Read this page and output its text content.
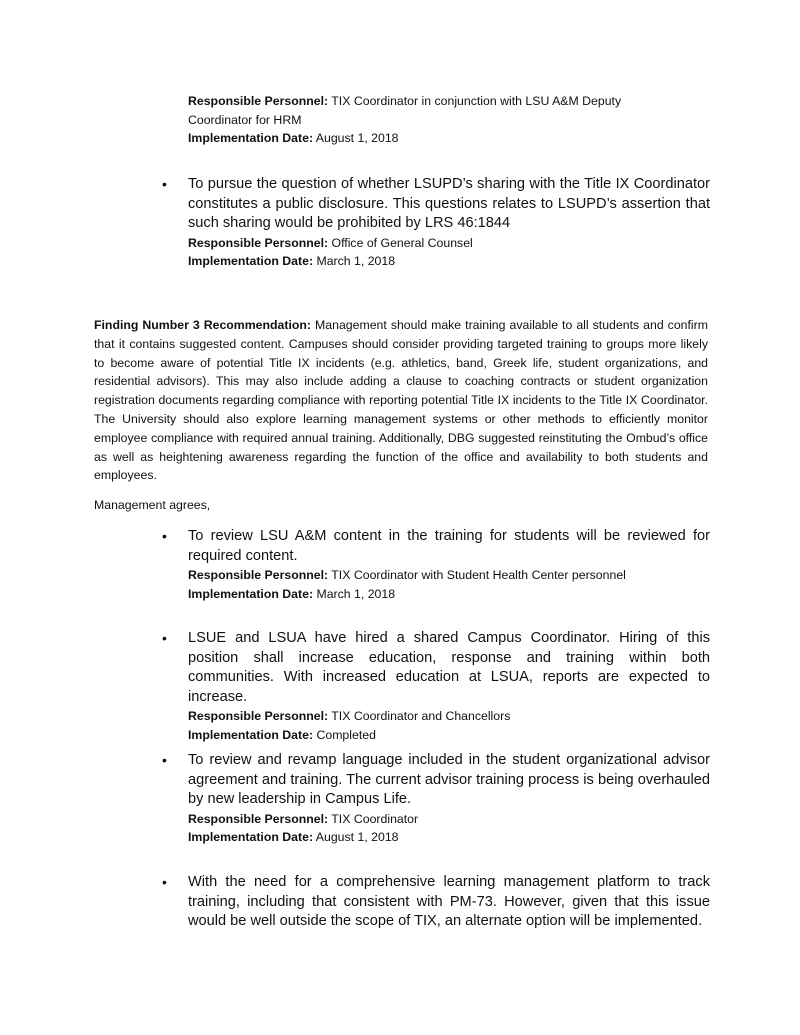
Responsible Personnel: TIX Coordinator in conjunction with LSU A&M Deputy Coordinator for HRM
Implementation Date: August 1, 2018
• To pursue the question of whether LSUPD’s sharing with the Title IX Coordinator constitutes a public disclosure. This questions relates to LSUPD’s assertion that such sharing would be prohibited by LRS 46:1844
Responsible Personnel: Office of General Counsel
Implementation Date: March 1, 2018
Finding Number 3 Recommendation: Management should make training available to all students and confirm that it contains suggested content. Campuses should consider providing targeted training to groups more likely to become aware of potential Title IX incidents (e.g. athletics, band, Greek life, student organizations, and residential advisors). This may also include adding a clause to coaching contracts or student organization registration documents regarding compliance with reporting potential Title IX incidents to the Title IX Coordinator. The University should also explore learning management systems or other methods to efficiently monitor employee compliance with required annual training. Additionally, DBG suggested reinstituting the Ombud’s office as well as heightening awareness regarding the function of the office and availability to both students and employees.
Management agrees,
• To review LSU A&M content in the training for students will be reviewed for required content.
Responsible Personnel: TIX Coordinator with Student Health Center personnel
Implementation Date: March 1, 2018
• LSUE and LSUA have hired a shared Campus Coordinator. Hiring of this position shall increase education, response and training within both communities. With increased education at LSUA, reports are expected to increase.
Responsible Personnel: TIX Coordinator and Chancellors
Implementation Date: Completed
• To review and revamp language included in the student organizational advisor agreement and training. The current advisor training process is being overhauled by new leadership in Campus Life.
Responsible Personnel: TIX Coordinator
Implementation Date: August 1, 2018
• With the need for a comprehensive learning management platform to track training, including that consistent with PM-73. However, given that this issue would be well outside the scope of TIX, an alternate option will be implemented.
